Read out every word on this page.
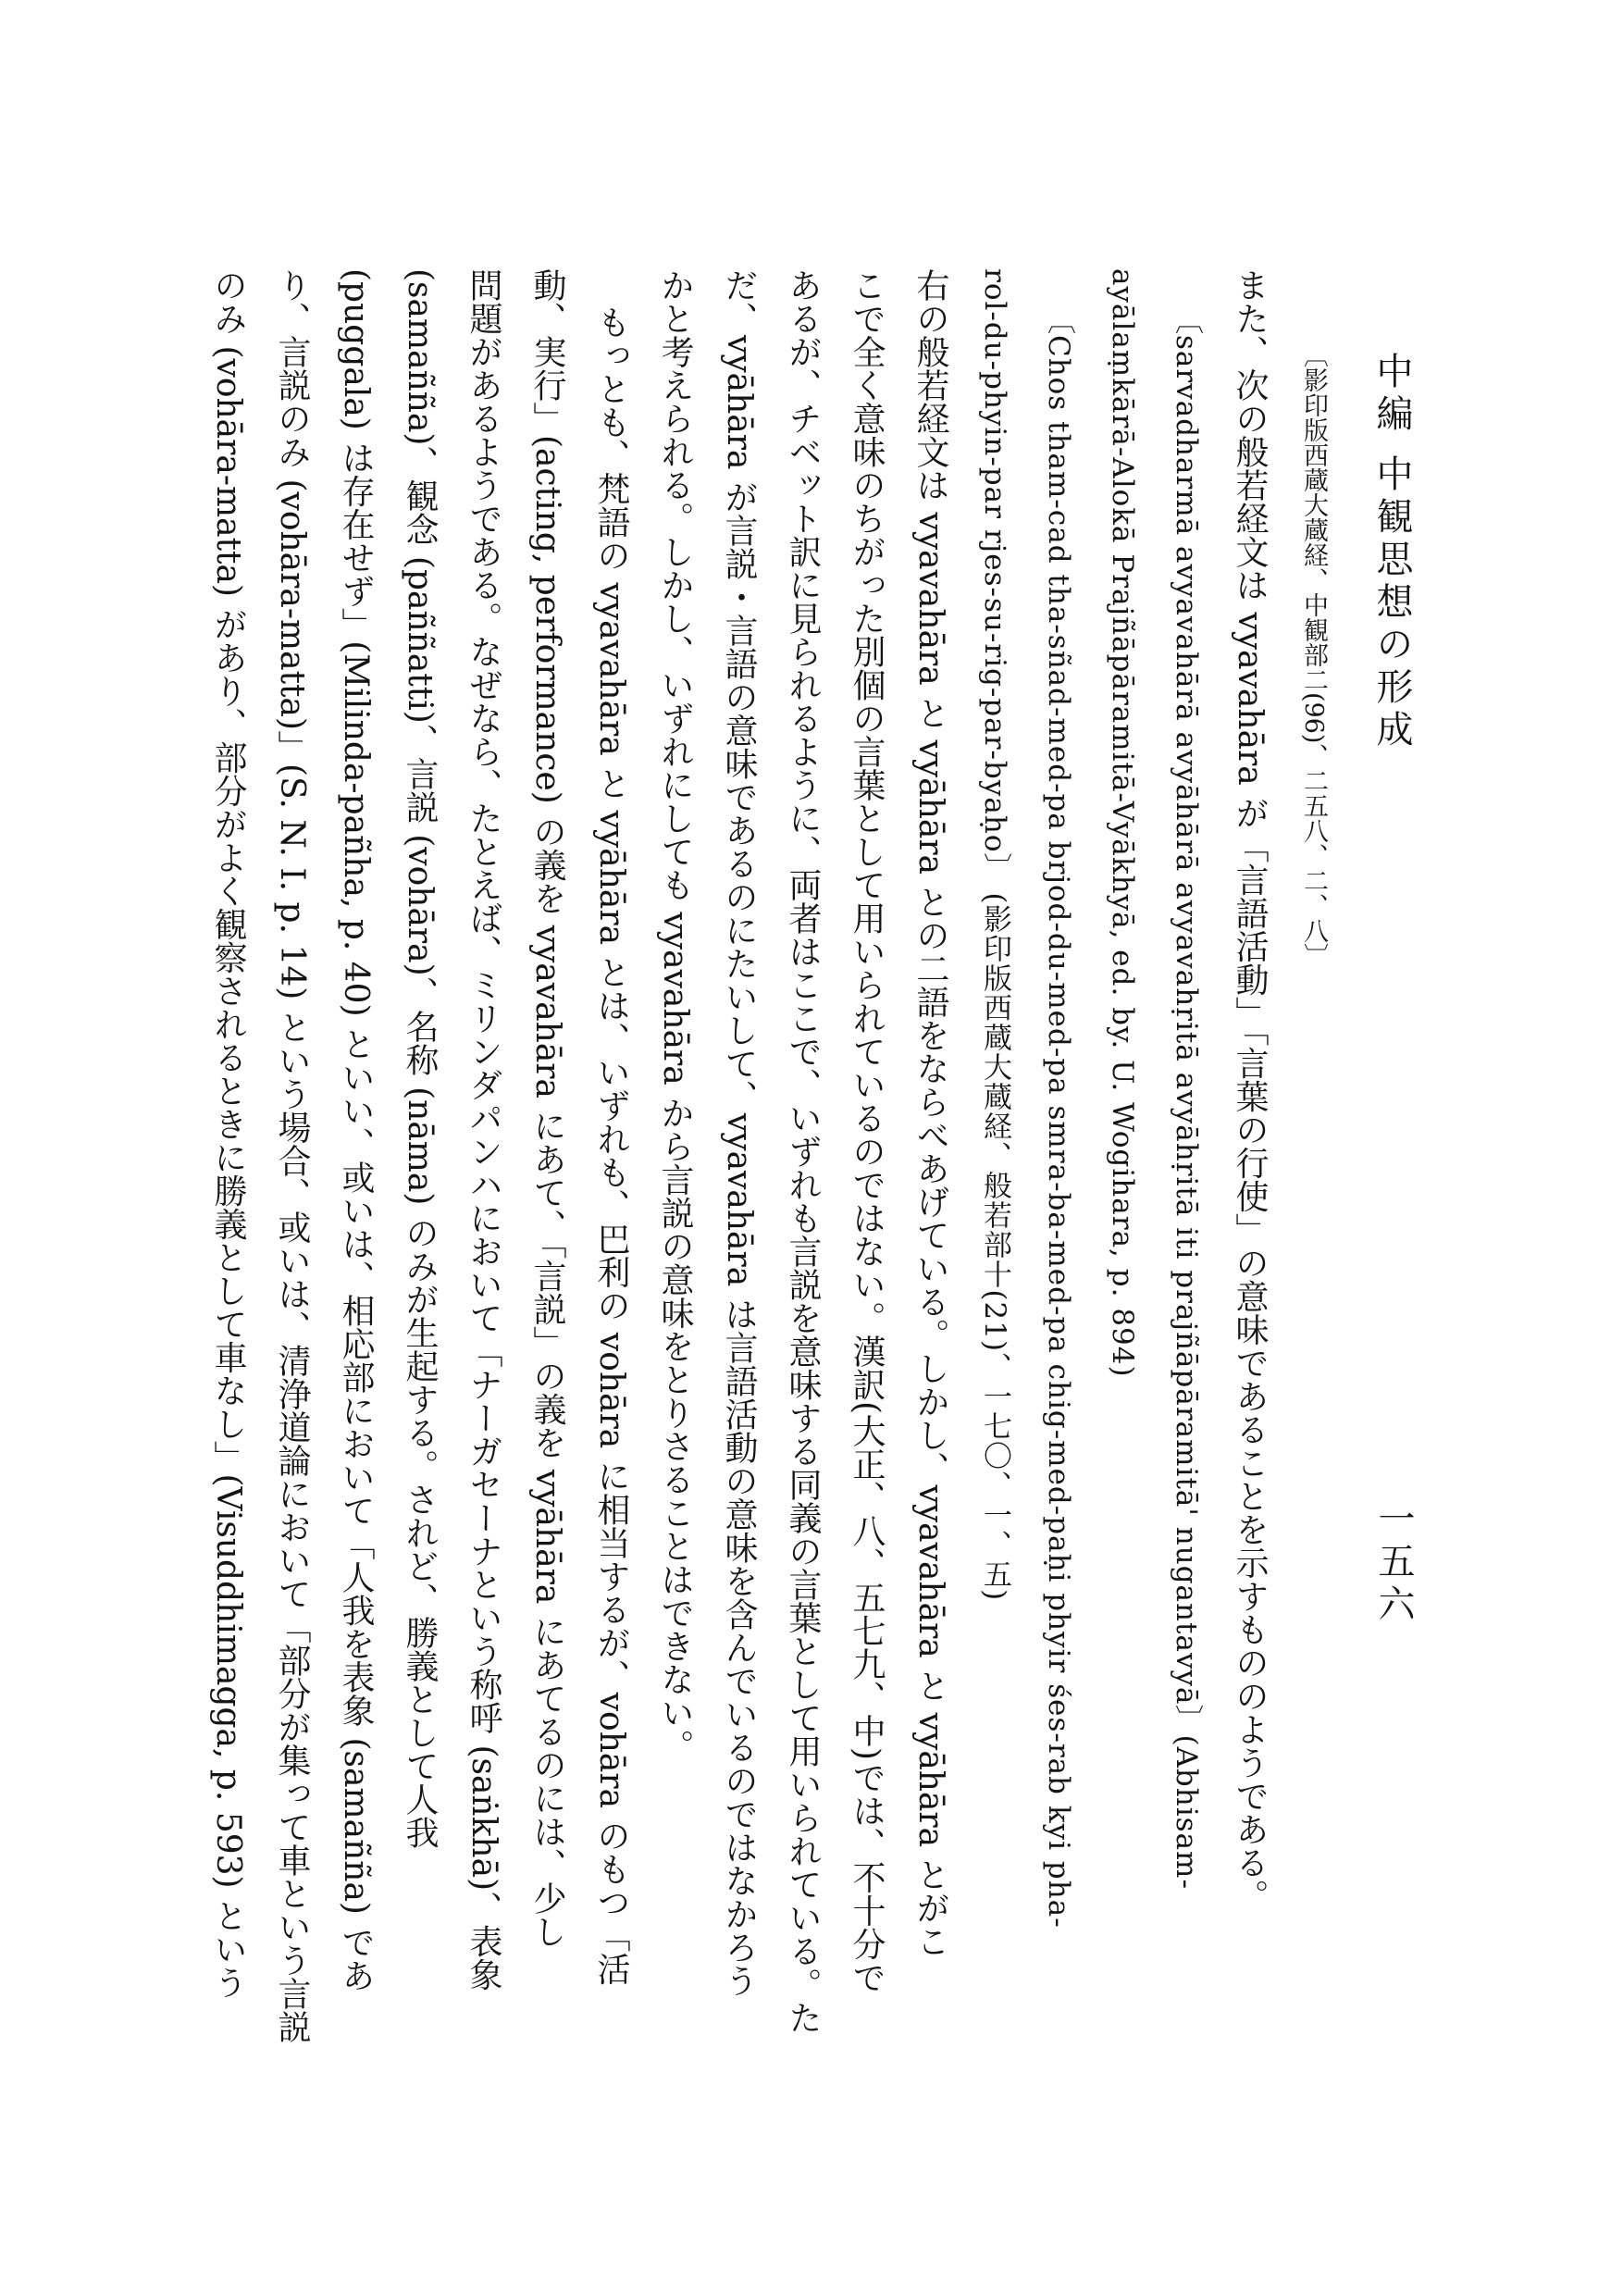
中編 中観思想の形成
一五六
〔影印版西蔵大蔵経、中観部二(96)、二五八、二、八〕
また、次の般若経文は vyavahāra が「言語活動」「言葉の行使」の意味であることを示すもののようである。
〔sarvadharmā avyavahārā avyāhārā avyavahṛitā avyāhṛitā iti prajñāpāramitā' nugantavyā〕(Abhisam-
ayālaṃkārā-Alokā Prajñāpāramitā-Vyākhyā, ed. by. U. Wogihara, p. 894)
〔Chos tham-cad tha-sñad-med-pa brjod-du-med-pa smra-ba-med-pa chig-med-paḥi phyir śes-rab kyi pha-
rol-du-phyin-par rjes-su-rig-par-byaḥo〕 (影印版西蔵大蔵経、般若部十(21)、一七〇、一、五)
右の般若経文は vyavahāra と vyāhāra との二語をならべあげている。しかし、vyavahāra と vyāhāra とがこ
こで全く意味のちがった別個の言葉として用いられているのではない。漢訳(大正、八、五七九、中)では、不十分で
あるが、チベット訳に見られるように、両者はここで、いずれも言説を意味する同義の言葉として用いられている。た
だ、vyāhāra が言説・言語の意味であるのにたいして、vyavahāra は言語活動の意味を含んでいるのではなかろう
かと考えられる。しかし、いずれにしても vyavahāra から言説の意味をとりさることはできない。
もっとも、梵語の vyavahāra と vyāhāra とは、いずれも、巴利の vohāra に相当するが、vohāra のもつ「活
動、実行」(acting, performance) の義を vyavahāra にあて、「言説」の義を vyāhāra にあてるのには、少し
問題があるようである。なぜなら、たとえば、ミリンダパンハにおいて「ナーガセーナという称呼 (saṅkhā)、表象
(samañña)、観念 (paññatti)、言説 (vohāra)、名称 (nāma) のみが生起する。されど、勝義として人我
(puggala) は存在せず」(Milinda-pañha, p. 40) といい、或いは、相応部において「人我を表象 (samañña) であ
り、言説のみ (vohāra-matta)」(S. N. I. p. 14) という場合、或いは、清浄道論において「部分が集って車という言説
のみ (vohāra-matta) があり、部分がよく観察されるときに勝義として車なし」(Visuddhimagga, p. 593) という
